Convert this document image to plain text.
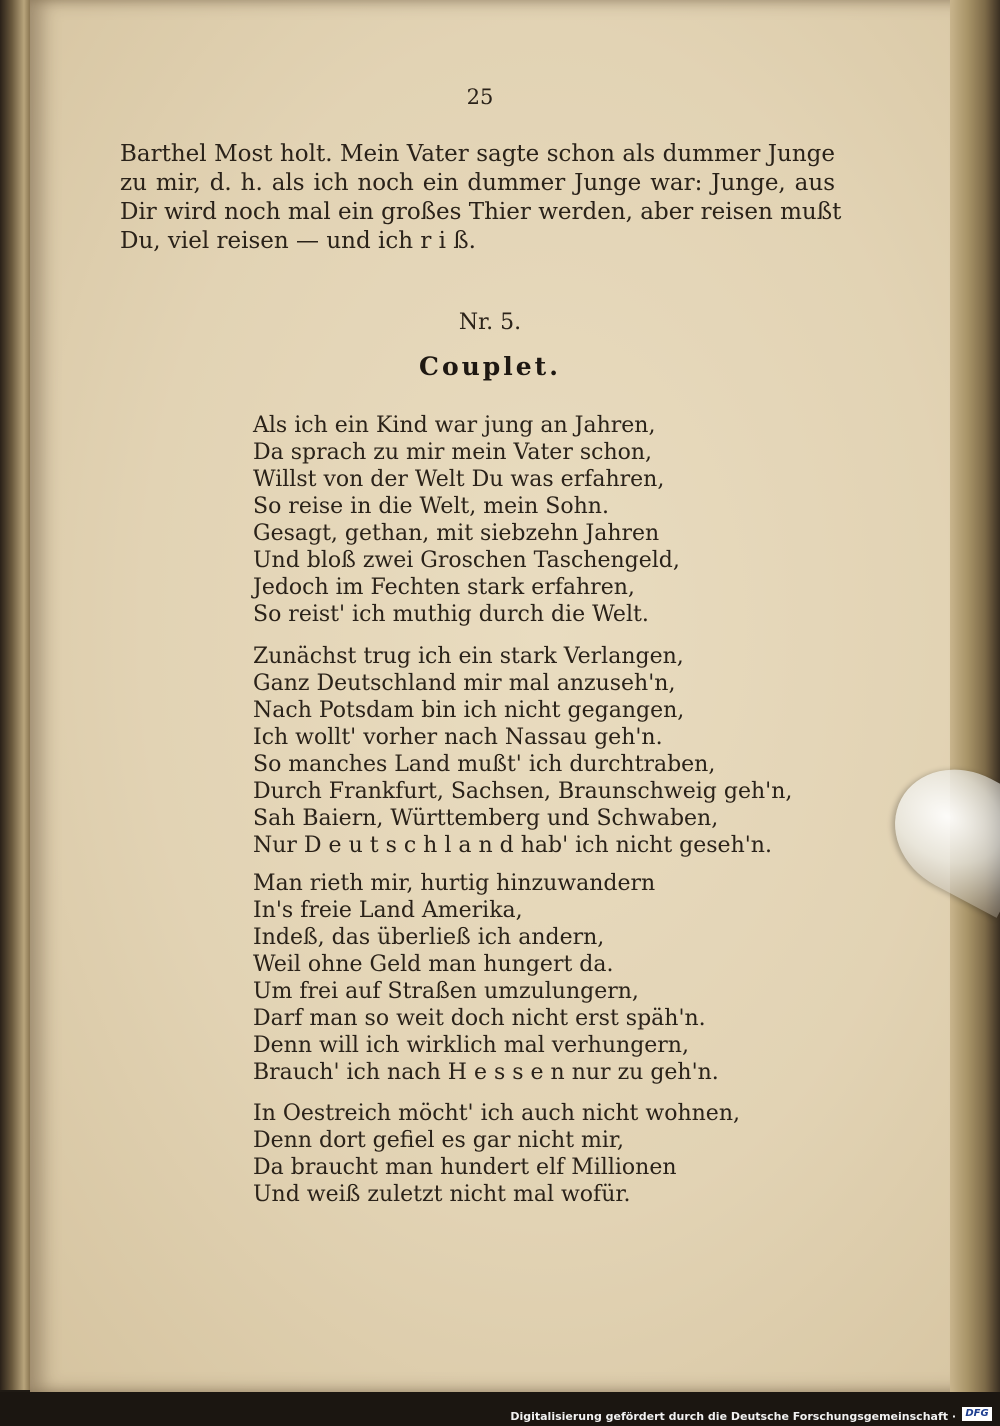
25
Barthel Most holt. Mein Vater sagte schon als dummer Junge
zu mir, d. h. als ich noch ein dummer Junge war: Junge, aus
Dir wird noch mal ein großes Thier werden, aber reisen mußt
Du, viel reisen — und ich r i ß.
Nr. 5.
Couplet.
Als ich ein Kind war jung an Jahren,
Da sprach zu mir mein Vater schon,
Willst von der Welt Du was erfahren,
So reise in die Welt, mein Sohn.
Gesagt, gethan, mit siebzehn Jahren
Und bloß zwei Groschen Taschengeld,
Jedoch im Fechten stark erfahren,
So reist' ich muthig durch die Welt.
Zunächst trug ich ein stark Verlangen,
Ganz Deutschland mir mal anzuseh'n,
Nach Potsdam bin ich nicht gegangen,
Ich wollt' vorher nach Nassau geh'n.
So manches Land mußt' ich durchtraben,
Durch Frankfurt, Sachsen, Braunschweig geh'n,
Sah Baiern, Württemberg und Schwaben,
Nur D e u t s c h l a n d hab' ich nicht geseh'n.
Man rieth mir, hurtig hinzuwandern
In's freie Land Amerika,
Indeß, das überließ ich andern,
Weil ohne Geld man hungert da.
Um frei auf Straßen umzulungern,
Darf man so weit doch nicht erst späh'n.
Denn will ich wirklich mal verhungern,
Brauch' ich nach H e s s e n nur zu geh'n.
In Oestreich möcht' ich auch nicht wohnen,
Denn dort gefiel es gar nicht mir,
Da braucht man hundert elf Millionen
Und weiß zuletzt nicht mal wofür.
Digitalisierung gefördert durch die Deutsche Forschungsgemeinschaft · DFG
